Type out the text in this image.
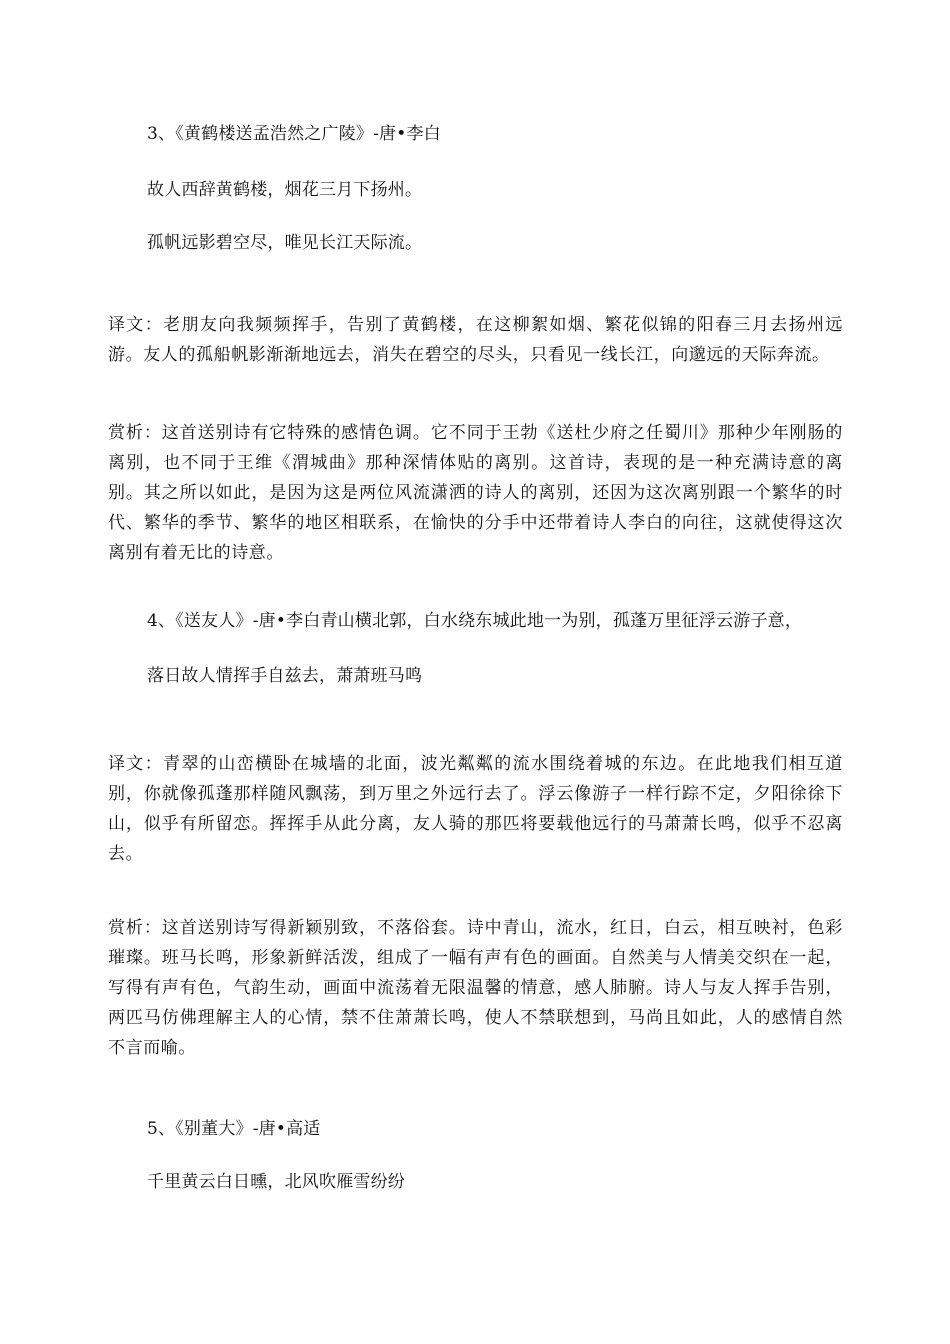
3、《黄鹤楼送孟浩然之广陵》-唐•李白
故人西辞黄鹤楼，烟花三月下扬州。
孤帆远影碧空尽，唯见长江天际流。

译文：老朋友向我频频挥手，告别了黄鹤楼，在这柳絮如烟、繁花似锦的阳春三月去扬州远游。友人的孤船帆影渐渐地远去，消失在碧空的尽头，只看见一线长江，向邈远的天际奔流。

赏析：这首送别诗有它特殊的感情色调。它不同于王勃《送杜少府之任蜀川》那种少年刚肠的离别，也不同于王维《渭城曲》那种深情体贴的离别。这首诗，表现的是一种充满诗意的离别。其之所以如此，是因为这是两位风流潇洒的诗人的离别，还因为这次离别跟一个繁华的时代、繁华的季节、繁华的地区相联系，在愉快的分手中还带着诗人李白的向往，这就使得这次离别有着无比的诗意。

4、《送友人》-唐•李白青山横北郭，白水绕东城此地一为别，孤蓬万里征浮云游子意，
落日故人情挥手自兹去，萧萧班马鸣

译文：青翠的山峦横卧在城墙的北面，波光粼粼的流水围绕着城的东边。在此地我们相互道别，你就像孤蓬那样随风飘荡，到万里之外远行去了。浮云像游子一样行踪不定，夕阳徐徐下山，似乎有所留恋。挥挥手从此分离，友人骑的那匹将要载他远行的马萧萧长鸣，似乎不忍离去。

赏析：这首送别诗写得新颖别致，不落俗套。诗中青山，流水，红日，白云，相互映衬，色彩璀璨。班马长鸣，形象新鲜活泼，组成了一幅有声有色的画面。自然美与人情美交织在一起，写得有声有色，气韵生动，画面中流荡着无限温馨的情意，感人肺腑。诗人与友人挥手告别，两匹马仿佛理解主人的心情，禁不住萧萧长鸣，使人不禁联想到，马尚且如此，人的感情自然不言而喻。

5、《别董大》-唐•高适
千里黄云白日曛，北风吹雁雪纷纷
